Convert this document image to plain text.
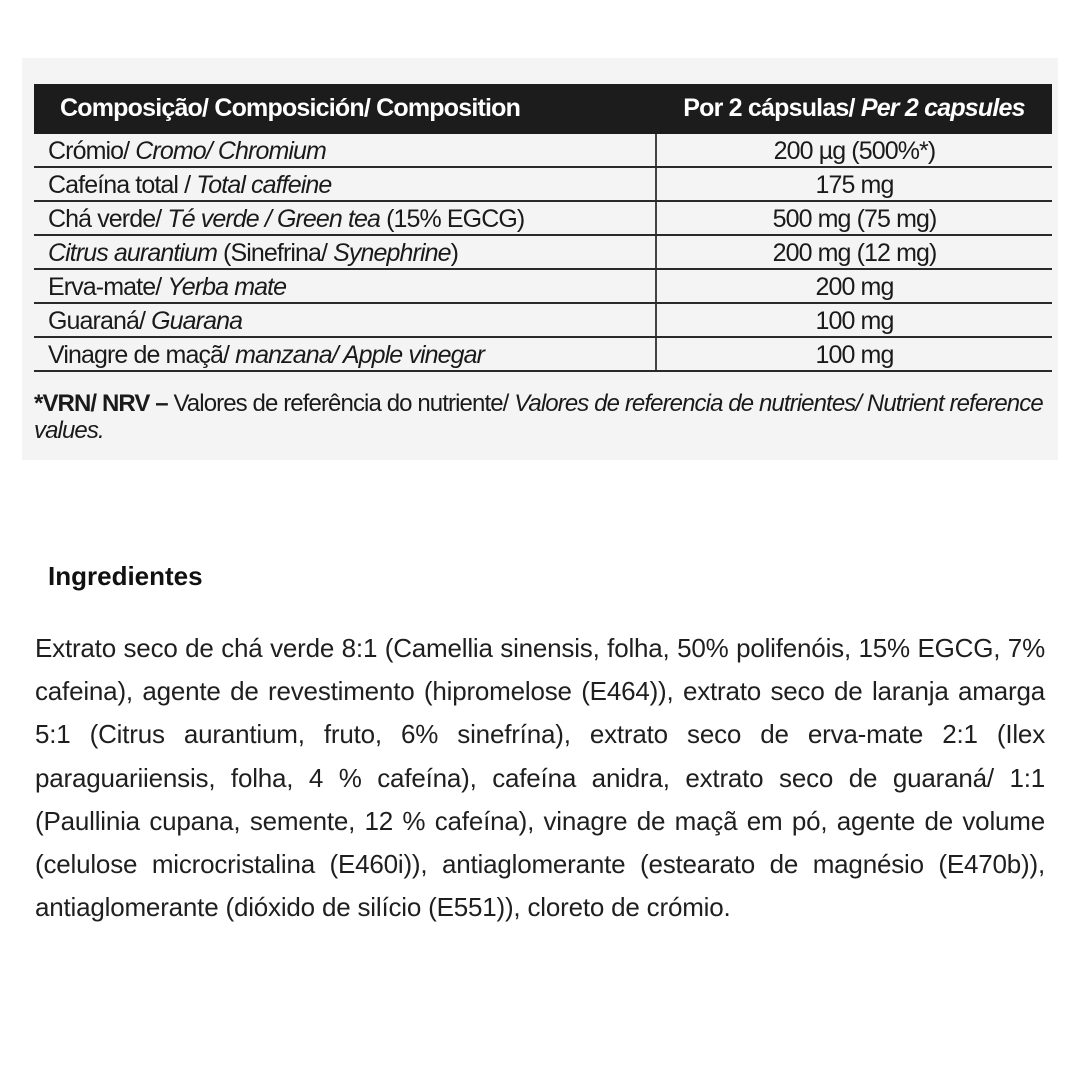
Composição/ Composición/ Composition	Por 2 cápsulas/ Per 2 capsules
Crómio/ Cromo/ Chromium	200 µg (500%*)
Cafeína total / Total caffeine	175 mg
Chá verde/ Té verde / Green tea (15% EGCG)	500 mg (75 mg)
Citrus aurantium (Sinefrina/ Synephrine)	200 mg (12 mg)
Erva-mate/ Yerba mate	200 mg
Guaraná/ Guarana	100 mg
Vinagre de maçã/ manzana/ Apple vinegar	100 mg
*VRN/ NRV – Valores de referência do nutriente/ Valores de referencia de nutrientes/ Nutrient reference values.
Ingredientes
Extrato seco de chá verde 8:1 (Camellia sinensis, folha, 50% polifenóis, 15% EGCG, 7% cafeina), agente de revestimento (hipromelose (E464)), extrato seco de laranja amarga 5:1 (Citrus aurantium, fruto, 6% sinefrína), extrato seco de erva-mate 2:1 (Ilex paraguariiensis, folha, 4 % cafeína), cafeína anidra, extrato seco de guaraná/ 1:1 (Paullinia cupana, semente, 12 % cafeína), vinagre de maçã em pó, agente de volume (celulose microcristalina (E460i)), antiaglomerante (estearato de magnésio (E470b)), antiaglomerante (dióxido de silício (E551)), cloreto de crómio.
